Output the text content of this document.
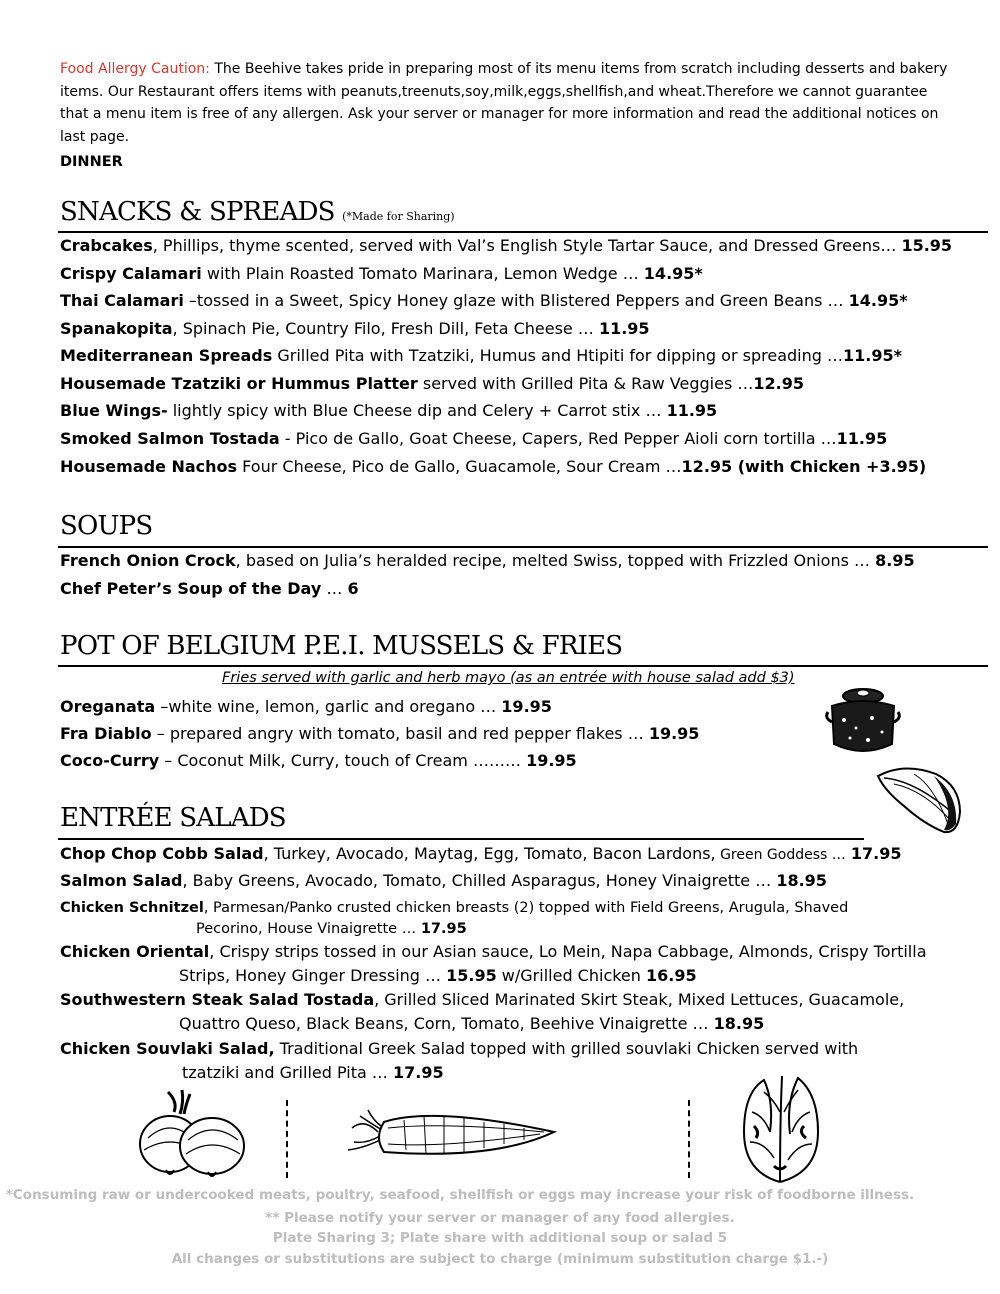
Food Allergy Caution: The Beehive takes pride in preparing most of its menu items from scratch including desserts and bakery items. Our Restaurant offers items with peanuts,treenuts,soy,milk,eggs,shellfish,and wheat.Therefore we cannot guarantee that a menu item is free of any allergen. Ask your server or manager for more information and read the additional notices on last page.
DINNER
SNACKS & SPREADS (*Made for Sharing)
Crabcakes, Phillips, thyme scented, served with Val’s English Style Tartar Sauce, and Dressed Greens… 15.95
Crispy Calamari with Plain Roasted Tomato Marinara, Lemon Wedge … 14.95*
Thai Calamari –tossed in a Sweet, Spicy Honey glaze with Blistered Peppers and Green Beans … 14.95*
Spanakopita, Spinach Pie, Country Filo, Fresh Dill, Feta Cheese … 11.95
Mediterranean Spreads Grilled Pita with Tzatziki, Humus and Htipiti for dipping or spreading …11.95*
Housemade Tzatziki or Hummus Platter served with Grilled Pita & Raw Veggies …12.95
Blue Wings- lightly spicy with Blue Cheese dip and Celery + Carrot stix … 11.95
Smoked Salmon Tostada - Pico de Gallo, Goat Cheese, Capers, Red Pepper Aioli corn tortilla …11.95
Housemade Nachos Four Cheese, Pico de Gallo, Guacamole, Sour Cream …12.95 (with Chicken +3.95)
SOUPS
French Onion Crock, based on Julia’s heralded recipe, melted Swiss, topped with Frizzled Onions … 8.95
Chef Peter’s Soup of the Day … 6
POT OF BELGIUM P.E.I. MUSSELS & FRIES
Fries served with garlic and herb mayo (as an entrée with house salad add $3)
Oreganata –white wine, lemon, garlic and oregano … 19.95
Fra Diablo – prepared angry with tomato, basil and red pepper flakes … 19.95
Coco-Curry – Coconut Milk, Curry, touch of Cream ……… 19.95
ENTRÉE SALADS
Chop Chop Cobb Salad, Turkey, Avocado, Maytag, Egg, Tomato, Bacon Lardons, Green Goddess … 17.95
Salmon Salad, Baby Greens, Avocado, Tomato, Chilled Asparagus, Honey Vinaigrette … 18.95
Chicken Schnitzel, Parmesan/Panko crusted chicken breasts (2) topped with Field Greens, Arugula, Shaved
Pecorino, House Vinaigrette … 17.95
Chicken Oriental, Crispy strips tossed in our Asian sauce, Lo Mein, Napa Cabbage, Almonds, Crispy Tortilla
Strips, Honey Ginger Dressing … 15.95 w/Grilled Chicken 16.95
Southwestern Steak Salad Tostada, Grilled Sliced Marinated Skirt Steak, Mixed Lettuces, Guacamole,
Quattro Queso, Black Beans, Corn, Tomato, Beehive Vinaigrette … 18.95
Chicken Souvlaki Salad, Traditional Greek Salad topped with grilled souvlaki Chicken served with
tzatziki and Grilled Pita … 17.95
*Consuming raw or undercooked meats, poultry, seafood, shellfish or eggs may increase your risk of foodborne illness.
** Please notify your server or manager of any food allergies.
Plate Sharing 3; Plate share with additional soup or salad 5
All changes or substitutions are subject to charge (minimum substitution charge $1.-)
